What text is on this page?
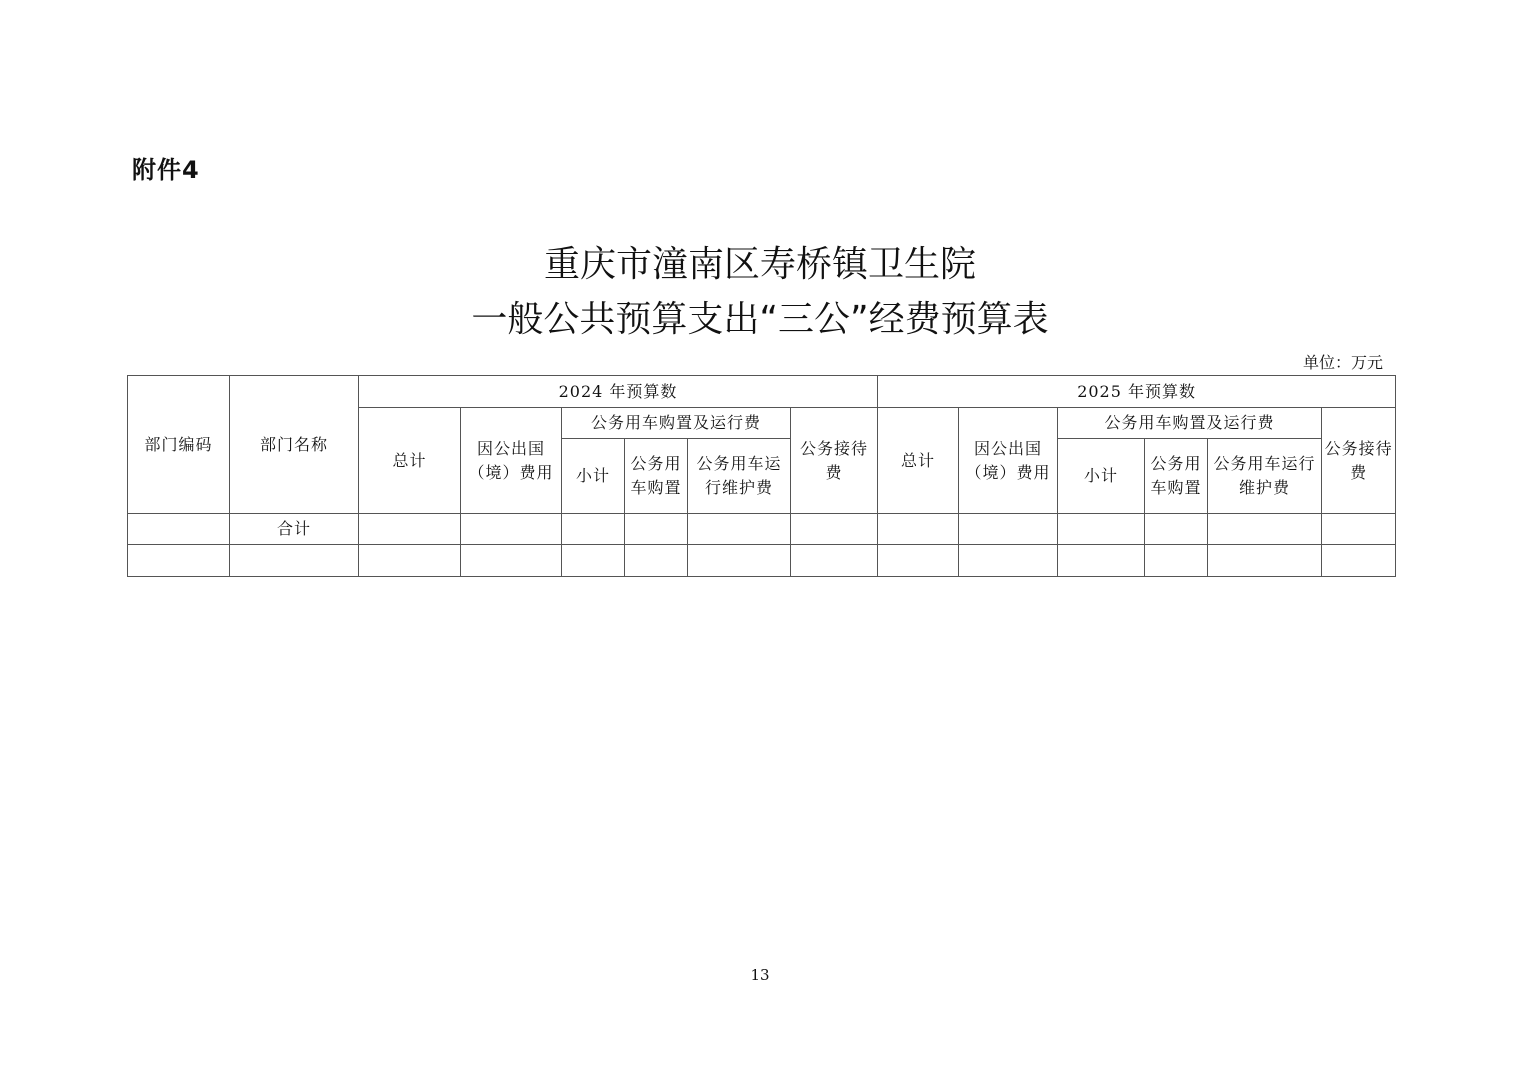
附件4
重庆市潼南区寿桥镇卫生院
一般公共预算支出“三公”经费预算表
单位：万元
部门编码	部门名称	2024 年预算数						2025 年预算数					
		总计	因公出国（境）费用	公务用车购置及运行费			公务接待费	总计	因公出国（境）费用	公务用车购置及运行费			公务接待费
				小计	公务用车购置	公务用车运行维护费				小计	公务用车购置	公务用车运行维护费	
	合计												

13
